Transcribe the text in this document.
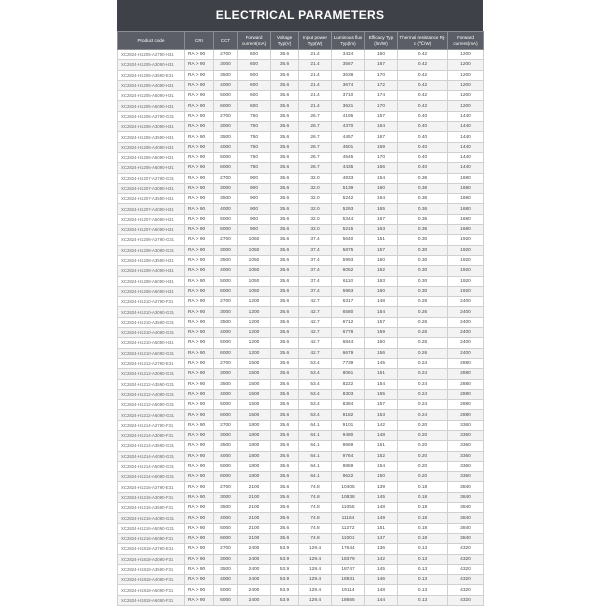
ELECTRICAL PARAMETERS
Product code	CRI	CCT	Forward current(mA)	Voltage Typ(V)	Input power Typ(W)	Luminous flux Typ(lm)	Efficacy Typ (lm/W)	Thermal resistance Rj-c (℃/W)	Forward current(mA)
XC2824-H1205-A2790-H31	RA > 90	2700	600	35.6	21.4	3424	160	0.42	1200
XC2824-H1205-A3090-H31	RA > 90	3000	600	35.6	21.4	3567	167	0.42	1200
XC2824-H1205-A3590-E31	RA > 90	3500	600	35.6	21.4	3638	170	0.42	1200
XC2824-H1205-A4090-H31	RA > 90	4000	600	35.6	21.4	3674	172	0.42	1200
XC2824-H1205-A5090-H31	RA > 90	5000	600	35.6	21.4	3710	174	0.42	1200
XC2824-H1205-A6090-H31	RA > 90	6000	600	35.6	21.4	3621	170	0.42	1200
XC2824-H1206-A2790-G31	RA > 90	2700	750	35.6	26.7	4195	157	0.40	1440
XC2824-H1206-A3090-H31	RA > 90	3000	750	35.6	26.7	4370	164	0.40	1440
XC2824-H1206-A3590-H31	RA > 90	3500	750	35.6	26.7	4457	167	0.40	1440
XC2824-H1206-A4090-H31	RA > 90	4000	750	35.6	26.7	4501	169	0.40	1440
XC2824-H1206-A5090-H31	RA > 90	5000	750	35.6	26.7	4545	170	0.40	1440
XC2824-H1206-A6090-H31	RA > 90	6000	750	35.6	26.7	4435	166	0.40	1440
XC2824-H1207-A2790-G31	RA > 90	2700	900	35.6	32.0	4933	154	0.36	1680
XC2824-H1207-A3090-H31	RA > 90	3000	900	35.6	32.0	5139	160	0.36	1680
XC2824-H1207-A3590-H31	RA > 90	3500	900	35.6	32.0	5242	164	0.36	1680
XC2824-H1207-A4090-H31	RA > 90	4000	900	35.6	32.0	5293	165	0.36	1680
XC2824-H1207-A5090-H31	RA > 90	5000	900	35.6	32.0	5344	167	0.36	1680
XC2824-H1207-A6090-H31	RA > 90	6000	900	35.6	32.0	5215	163	0.36	1680
XC2824-H1208-A2790-G31	RA > 90	2700	1050	35.6	37.4	5640	151	0.30	1920
XC2824-H1208-A3090-G31	RA > 90	3000	1050	35.6	37.4	5875	157	0.30	1920
XC2824-H1208-A3590-H31	RA > 90	3500	1050	35.6	37.4	5993	160	0.30	1920
XC2824-H1208-A4090-H31	RA > 90	4000	1050	35.6	37.4	6052	162	0.30	1920
XC2824-H1208-A5090-H31	RA > 90	5000	1050	35.6	37.4	6110	163	0.30	1920
XC2824-H1208-A6090-H31	RA > 90	6000	1050	35.6	37.4	5963	160	0.30	1920
XC2824-H1210-A2790-F31	RA > 90	2700	1200	35.6	42.7	6317	148	0.26	2400
XC2824-H1210-A3090-G31	RA > 90	3000	1200	35.6	42.7	6580	154	0.26	2400
XC2824-H1210-A3590-G31	RA > 90	3500	1200	35.6	42.7	6712	157	0.26	2400
XC2824-H1210-A4090-G31	RA > 90	4000	1200	35.6	42.7	6778	159	0.26	2400
XC2824-H1210-A5090-H31	RA > 90	5000	1200	35.6	42.7	6844	160	0.26	2400
XC2824-H1210-A6090-G31	RA > 90	6000	1200	35.6	42.7	6679	156	0.26	2400
XC2824-H1212-A2790-E31	RA > 90	2700	1500	35.6	53.4	7739	145	0.24	2880
XC2824-H1212-A3090-G31	RA > 90	3000	1500	35.6	53.4	8061	151	0.24	2880
XC2824-H1212-A3590-G31	RA > 90	3500	1500	35.6	53.4	8222	154	0.24	2880
XC2824-H1212-A4090-G31	RA > 90	4000	1500	35.6	53.4	8303	155	0.24	2880
XC2824-H1212-A5090-G31	RA > 90	5000	1500	35.6	53.4	8384	157	0.24	2880
XC2824-H1212-A6090-G31	RA > 90	6000	1500	35.6	53.4	8182	153	0.24	2880
XC2824-H1214-A2790-F31	RA > 90	2700	1800	35.6	64.1	9101	142	0.20	3360
XC2824-H1214-A3090-F31	RA > 90	3000	1800	35.6	64.1	9480	148	0.20	3360
XC2824-H1214-A3590-G31	RA > 90	3500	1800	35.6	64.1	9669	151	0.20	3360
XC2824-H1214-A4090-G31	RA > 90	4000	1800	35.6	64.1	9764	152	0.20	3360
XC2824-H1214-A5090-G31	RA > 90	5000	1800	35.6	64.1	9859	154	0.20	3360
XC2824-H1214-A6090-G31	RA > 90	6000	1800	35.6	64.1	9622	150	0.20	3360
XC2824-H1216-A2790-E31	RA > 90	2700	2100	35.6	74.8	10405	139	0.18	3840
XC2824-H1216-A3090-F31	RA > 90	3000	2100	35.6	74.8	10838	145	0.18	3840
XC2824-H1216-A3590-F31	RA > 90	3500	2100	35.6	74.8	11055	148	0.18	3840
XC2824-H1216-A4090-G31	RA > 90	4000	2100	35.6	74.8	11164	149	0.18	3840
XC2824-H1216-A5090-G31	RA > 90	5000	2100	35.6	74.8	11272	151	0.18	3840
XC2824-H1216-A6090-F31	RA > 90	6000	2100	35.6	74.8	11001	147	0.18	3840
XC2824-H1818-A2790-E31	RA > 90	2700	2400	53.9	129.4	17644	136	0.13	4320
XC2824-H1818-A3090-F31	RA > 90	3000	2400	53.9	129.4	18379	142	0.13	4320
XC2824-H1818-A3590-F31	RA > 90	3500	2400	53.9	129.4	18747	145	0.13	4320
XC2824-H1818-A4090-F31	RA > 90	4000	2400	53.9	129.4	18931	146	0.13	4320
XC2824-H1818-A5090-F31	RA > 90	5000	2400	53.9	129.4	19114	148	0.13	4320
XC2824-H1818-A6090-F31	RA > 90	6000	2400	53.9	129.4	18655	144	0.13	4320
